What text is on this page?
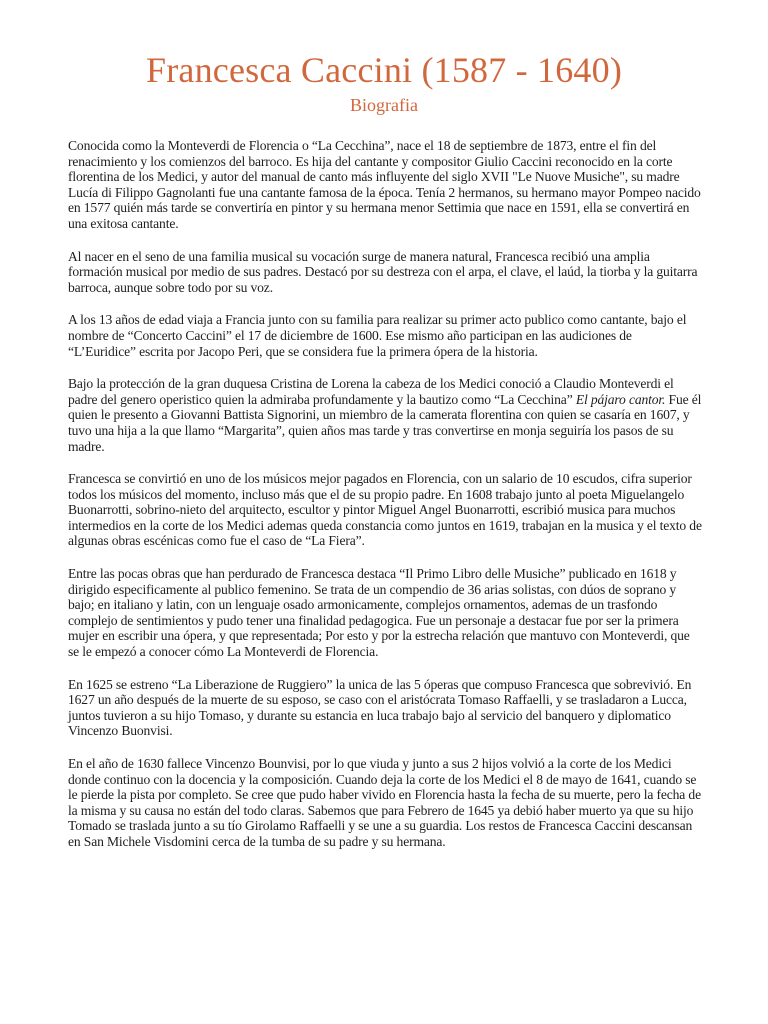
Francesca Caccini (1587 - 1640)
Biografia

Conocida como la Monteverdi de Florencia o “La Cecchina”, nace el 18 de septiembre de 1873, entre el fin del renacimiento y los comienzos del barroco. Es hija del cantante y compositor Giulio Caccini reconocido en la corte florentina de los Medici, y autor del manual de canto más influyente del siglo XVII "Le Nuove Musiche", su madre Lucía di Filippo Gagnolanti fue una cantante famosa de la época. Tenía 2 hermanos, su hermano mayor Pompeo nacido en 1577 quién más tarde se convertiría en pintor y su hermana menor Settimia que nace en 1591, ella se convertirá en una exitosa cantante.

Al nacer en el seno de una familia musical su vocación surge de manera natural, Francesca recibió una amplia formación musical por medio de sus padres. Destacó por su destreza con el arpa, el clave, el laúd, la tiorba y la guitarra barroca, aunque sobre todo por su voz.

A los 13 años de edad viaja a Francia junto con su familia para realizar su primer acto publico como cantante, bajo el nombre de “Concerto Caccini” el 17 de diciembre de 1600. Ese mismo año participan en las audiciones de “L’Euridice” escrita por Jacopo Peri, que se considera fue la primera ópera de la historia.

Bajo la protección de la gran duquesa Cristina de Lorena la cabeza de los Medici conoció a Claudio Monteverdi el padre del genero operistico quien la admiraba profundamente y la bautizo como “La Cecchina” El pájaro cantor. Fue él quien le presento a Giovanni Battista Signorini, un miembro de la camerata florentina con quien se casaría en 1607, y tuvo una hija a la que llamo “Margarita”, quien años mas tarde y tras convertirse en monja seguiría los pasos de su madre.

Francesca se convirtió en uno de los músicos mejor pagados en Florencia, con un salario de 10 escudos, cifra superior todos los músicos del momento, incluso más que el de su propio padre. En 1608 trabajo junto al poeta Miguelangelo Buonarrotti, sobrino-nieto del arquitecto, escultor y pintor Miguel Angel Buonarrotti, escribió musica para muchos intermedios en la corte de los Medici ademas queda constancia como juntos en 1619, trabajan en la musica y el texto de algunas obras escénicas como fue el caso de “La Fiera”.

Entre las pocas obras que han perdurado de Francesca destaca “Il Primo Libro delle Musiche” publicado en 1618 y dirigido especificamente al publico femenino. Se trata de un compendio de 36 arias solistas, con dúos de soprano y bajo; en italiano y latin, con un lenguaje osado armonicamente, complejos ornamentos, ademas de un trasfondo complejo de sentimientos y pudo tener una finalidad pedagogica. Fue un personaje a destacar fue por ser la primera mujer en escribir una ópera, y que representada; Por esto y por la estrecha relación que mantuvo con Monteverdi, que se le empezó a conocer cómo La Monteverdi de Florencia.

En 1625 se estreno “La Liberazione de Ruggiero” la unica de las 5 óperas que compuso Francesca que sobrevivió. En 1627 un año después de la muerte de su esposo, se caso con el aristócrata Tomaso Raffaelli, y se trasladaron a Lucca, juntos tuvieron a su hijo Tomaso, y durante su estancia en luca trabajo bajo al servicio del banquero y diplomatico Vincenzo Buonvisi.

En el año de 1630 fallece Vincenzo Bounvisi, por lo que viuda y junto a sus 2 hijos volvió a la corte de los Medici donde continuo con la docencia y la composición. Cuando deja la corte de los Medici el 8 de mayo de 1641, cuando se le pierde la pista por completo. Se cree que pudo haber vivido en Florencia hasta la fecha de su muerte, pero la fecha de la misma y su causa no están del todo claras. Sabemos que para Febrero de 1645 ya debió haber muerto ya que su hijo Tomado se traslada junto a su tío Girolamo Raffaelli y se une a su guardia. Los restos de Francesca Caccini descansan en San Michele Visdomini cerca de la tumba de su padre y su hermana.
